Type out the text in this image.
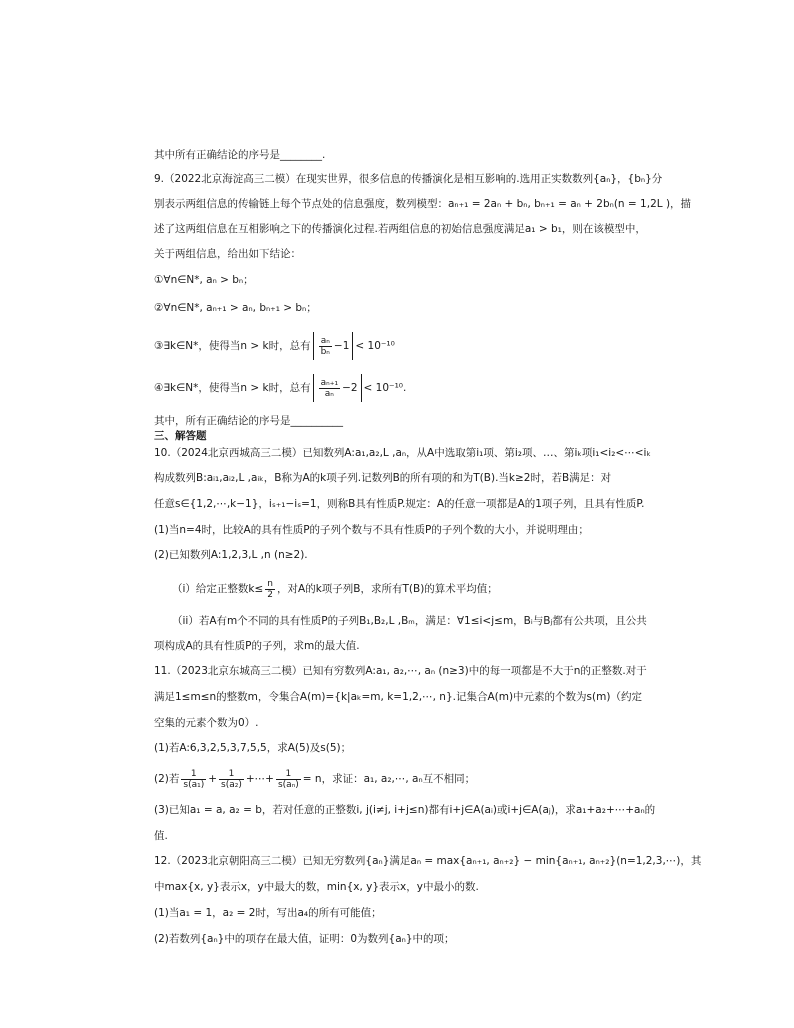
其中所有正确结论的序号是________.
9.（2022北京海淀高三二模）在现实世界，很多信息的传播演化是相互影响的.选用正实数数列{aₙ}，{bₙ}分
别表示两组信息的传输链上每个节点处的信息强度，数列模型：aₙ₊₁ = 2aₙ + bₙ, bₙ₊₁ = aₙ + 2bₙ(n = 1,2L )，描
述了这两组信息在互相影响之下的传播演化过程.若两组信息的初始信息强度满足a₁ > b₁，则在该模型中，
关于两组信息，给出如下结论：
①∀n∈N*, aₙ > bₙ；
②∀n∈N*, aₙ₊₁ > aₙ, bₙ₊₁ > bₙ；
③∃k∈N*，使得当n > k时，总有 $\frac{\text{aₙ}}{\text{bₙ}} -1 < 10^{-10}$
④∃k∈N*，使得当n > k时，总有 $\frac{\text{aₙ₊₁}}{\text{aₙ}} -2 < 10^{-10}$.
其中，所有正确结论的序号是__________
三、解答题
10.（2024北京西城高三二模）已知数列A:a₁,a₂,L ,aₙ，从A中选取第i₁项、第i₂项、…、第iₖ项i₁<i₂<⋯<iₖ
构成数列B:aᵢ₁,aᵢ₂,L ,aᵢₖ，B称为A的k项子列.记数列B的所有项的和为T(B).当k≥2时，若B满足：对
任意s∈{1,2,⋯,k−1}，iₛ₊₁−iₛ=1，则称B具有性质P.规定：A的任意一项都是A的1项子列，且具有性质P.
(1)当n=4时，比较A的具有性质P的子列个数与不具有性质P的子列个数的大小，并说明理由；
(2)已知数列A:1,2,3,L ,n (n≥2).
（i）给定正整数$k\le \frac{n}{2}$ ，对A的k项子列B，求所有T(B)的算术平均值；
（ii）若A有m个不同的具有性质P的子列B₁,B₂,L ,Bₘ，满足：∀1≤i<j≤m，Bᵢ与Bⱼ都有公共项，且公共
项构成A的具有性质P的子列，求m的最大值.
11.（2023北京东城高三二模）已知有穷数列A:a₁, a₂,⋯, aₙ (n≥3)中的每一项都是不大于n的正整数.对于
满足1≤m≤n的整数m，令集合A(m)={k|aₖ=m, k=1,2,⋯, n}.记集合A(m)中元素的个数为s(m)（约定
空集的元素个数为0）.
(1)若A:6,3,2,5,3,7,5,5，求A(5)及s(5)；
(2)若 $\frac{1}{\text{s(a₁)}} + \frac{1}{\text{s(a₂)}}$ +⋯+ $\frac{1}{\text{s(aₙ)}} = n$，求证：a₁, a₂,⋯, aₙ互不相同；
(3)已知a₁ = a, a₂ = b，若对任意的正整数i, j(i≠j, i+j≤n)都有i+j∈A(aᵢ)或i+j∈A(aⱼ)，求a₁+a₂+⋯+aₙ的
值.
12.（2023北京朝阳高三二模）已知无穷数列{aₙ}满足aₙ = max{aₙ₊₁, aₙ₊₂} − min{aₙ₊₁, aₙ₊₂}(n=1,2,3,⋯)，其
中max{x, y}表示x，y中最大的数，min{x, y}表示x，y中最小的数.
(1)当a₁ = 1，a₂ = 2时，写出a₄的所有可能值；
(2)若数列{aₙ}中的项存在最大值，证明：0为数列{aₙ}中的项；
